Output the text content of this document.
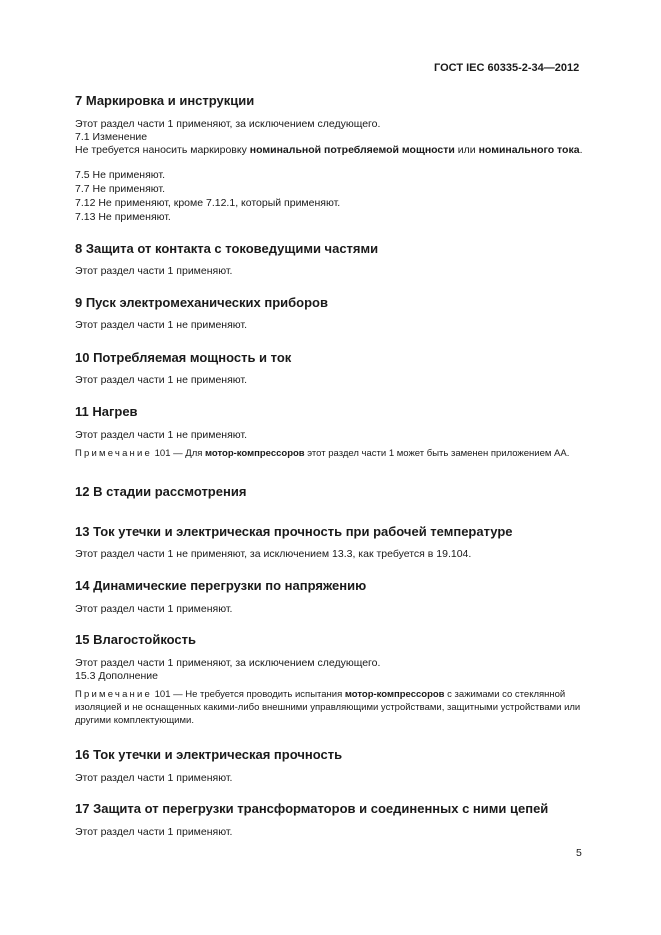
ГОСТ IEC 60335-2-34—2012
7 Маркировка и инструкции
Этот раздел части 1 применяют, за исключением следующего.
7.1 Изменение
Не требуется наносить маркировку номинальной потребляемой мощности или номинального тока.
7.5 Не применяют.
7.7 Не применяют.
7.12 Не применяют, кроме 7.12.1, который применяют.
7.13 Не применяют.
8 Защита от контакта с токоведущими частями
Этот раздел части 1 применяют.
9 Пуск электромеханических приборов
Этот раздел части 1 не применяют.
10 Потребляемая мощность и ток
Этот раздел части 1 не применяют.
11 Нагрев
Этот раздел части 1 не применяют.
Примечание 101 — Для мотор-компрессоров этот раздел части 1 может быть заменен приложением АА.
12 В стадии рассмотрения
13 Ток утечки и электрическая прочность при рабочей температуре
Этот раздел части 1 не применяют, за исключением 13.3, как требуется в 19.104.
14 Динамические перегрузки по напряжению
Этот раздел части 1 применяют.
15 Влагостойкость
Этот раздел части 1 применяют, за исключением следующего.
15.3 Дополнение
Примечание 101 — Не требуется проводить испытания мотор-компрессоров с зажимами со стеклянной изоляцией и не оснащенных какими-либо внешними управляющими устройствами, защитными устройствами или другими комплектующими.
16 Ток утечки и электрическая прочность
Этот раздел части 1 применяют.
17 Защита от перегрузки трансформаторов и соединенных с ними цепей
Этот раздел части 1 применяют.
5
